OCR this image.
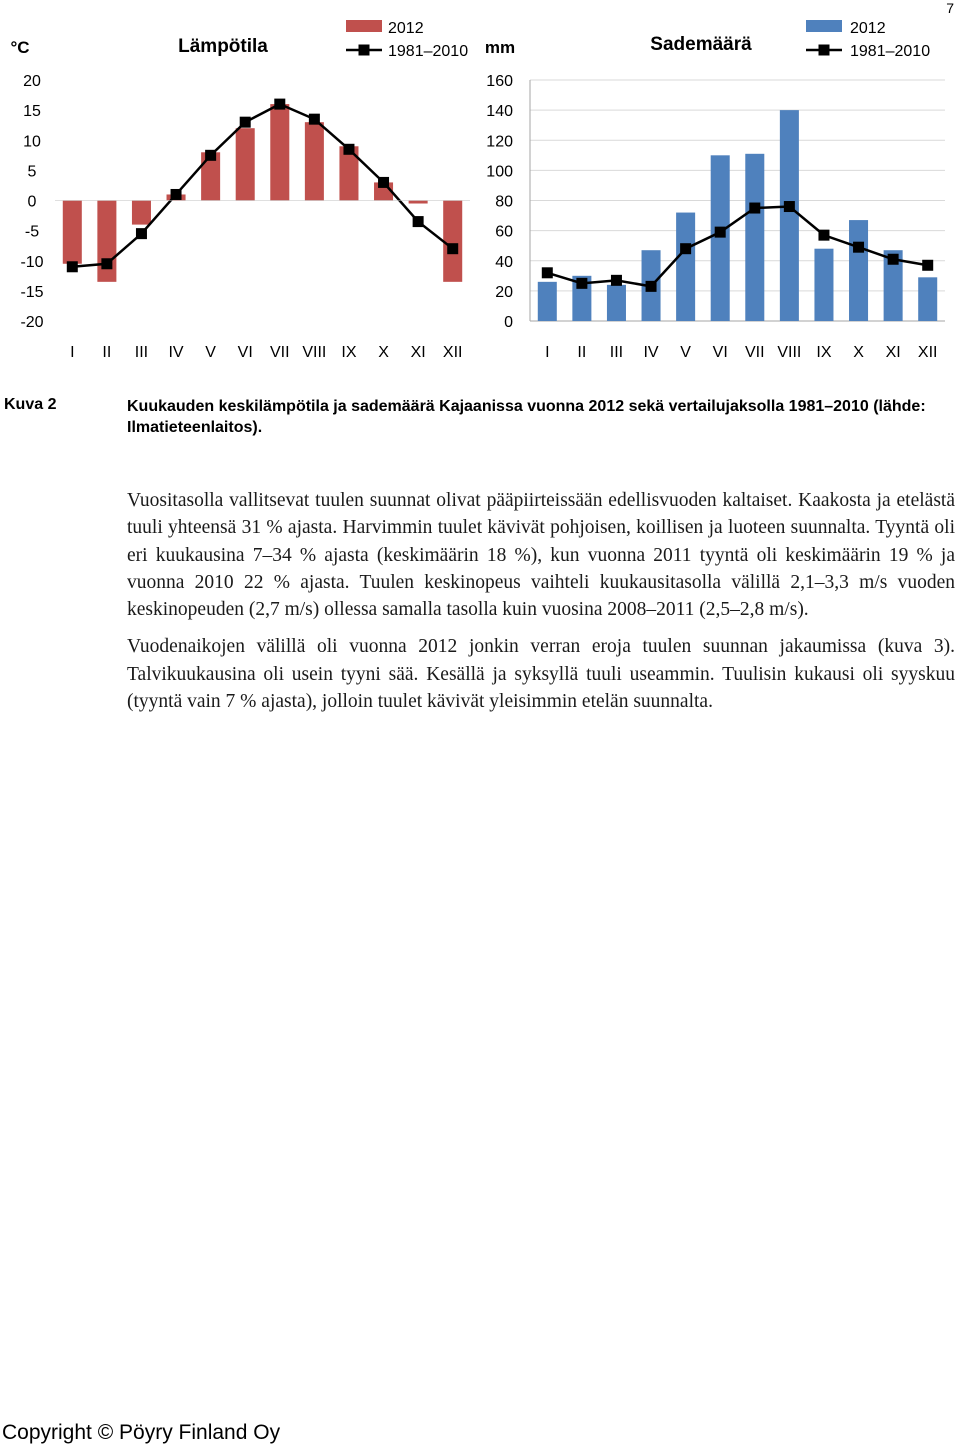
7
20
15
10
5
0
-5
-10
-15
-20
°C	Lämpötila
I II III IV V VI VII VIII IX X XI XII
2012
1981–2010
160
140
120
100
80
60
40
20
0
mm	Sademäärä
I II III IV V VI VII VIII IX X XI XII
2012
1981–2010
Kuva 2	Kuukauden keskilämpötila ja sademäärä Kajaanissa vuonna 2012 sekä vertailujaksolla 1981–2010 (lähde: Ilmatieteenlaitos).

Vuositasolla vallitsevat tuulen suunnat olivat pääpiirteissään edellisvuoden kaltaiset. Kaakosta ja etelästä tuuli yhteensä 31 % ajasta. Harvimmin tuulet kävivät pohjoisen, koillisen ja luoteen suunnalta. Tyyntä oli eri kuukausina 7–34 % ajasta (keskimäärin 18 %), kun vuonna 2011 tyyntä oli keskimäärin 19 % ja vuonna 2010 22 % ajasta. Tuulen keskinopeus vaihteli kuukausitasolla välillä 2,1–3,3 m/s vuoden keskinopeuden (2,7 m/s) ollessa samalla tasolla kuin vuosina 2008–2011 (2,5–2,8 m/s).

Vuodenaikojen välillä oli vuonna 2012 jonkin verran eroja tuulen suunnan jakaumissa (kuva 3). Talvikuukausina oli usein tyyni sää. Kesällä ja syksyllä tuuli useammin. Tuulisin kukausi oli syyskuu (tyyntä vain 7 % ajasta), jolloin tuulet kävivät yleisimmin etelän suunnalta.

Copyright © Pöyry Finland Oy
